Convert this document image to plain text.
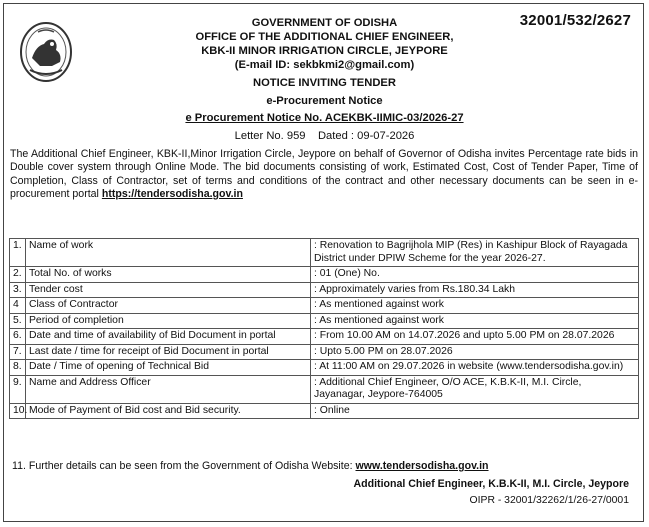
32001/532/2627
GOVERNMENT OF ODISHA
OFFICE OF THE ADDITIONAL CHIEF ENGINEER,
KBK-II MINOR IRRIGATION CIRCLE, JEYPORE
(E-mail ID: sekbkmi2@gmail.com)
NOTICE INVITING TENDER
e-Procurement Notice
e Procurement Notice No. ACEKBK-IIMIC-03/2026-27
Letter No. 959    Dated : 09-07-2026

The Additional Chief Engineer, KBK-II,Minor Irrigation Circle, Jeypore on behalf of Governor of Odisha invites Percentage rate bids in Double cover system through Online Mode. The bid documents consisting of work, Estimated Cost, Cost of Tender Paper, Time of Completion, Class of Contractor, set of terms and conditions of the contract and other necessary documents can be seen in e-procurement portal https://tendersodisha.gov.in

1.	Name of work	: Renovation to Bagrijhola MIP (Res) in Kashipur Block of Rayagada District under DPIW Scheme for the year 2026-27.
2.	Total No. of works	: 01 (One) No.
3.	Tender cost	: Approximately varies from Rs.180.34 Lakh
4	Class of Contractor	: As mentioned against work
5.	Period of completion	: As mentioned against work
6.	Date and time of availability of Bid Document in portal	: From 10.00 AM on 14.07.2026 and upto 5.00 PM on 28.07.2026
7.	Last date / time for receipt of Bid Document in portal	: Upto 5.00 PM on 28.07.2026
8.	Date / Time of opening of Technical Bid	: At 11:00 AM on 29.07.2026 in website (www.tendersodisha.gov.in)
9.	Name and Address Officer	: Additional Chief Engineer, O/O ACE, K.B.K-II, M.I. Circle, Jayanagar, Jeypore-764005
10.	Mode of Payment of Bid cost and Bid security.	: Online
11. Further details can be seen from the Government of Odisha Website: www.tendersodisha.gov.in
Additional Chief Engineer, K.B.K-II, M.I. Circle, Jeypore
OIPR - 32001/32262/1/26-27/0001
